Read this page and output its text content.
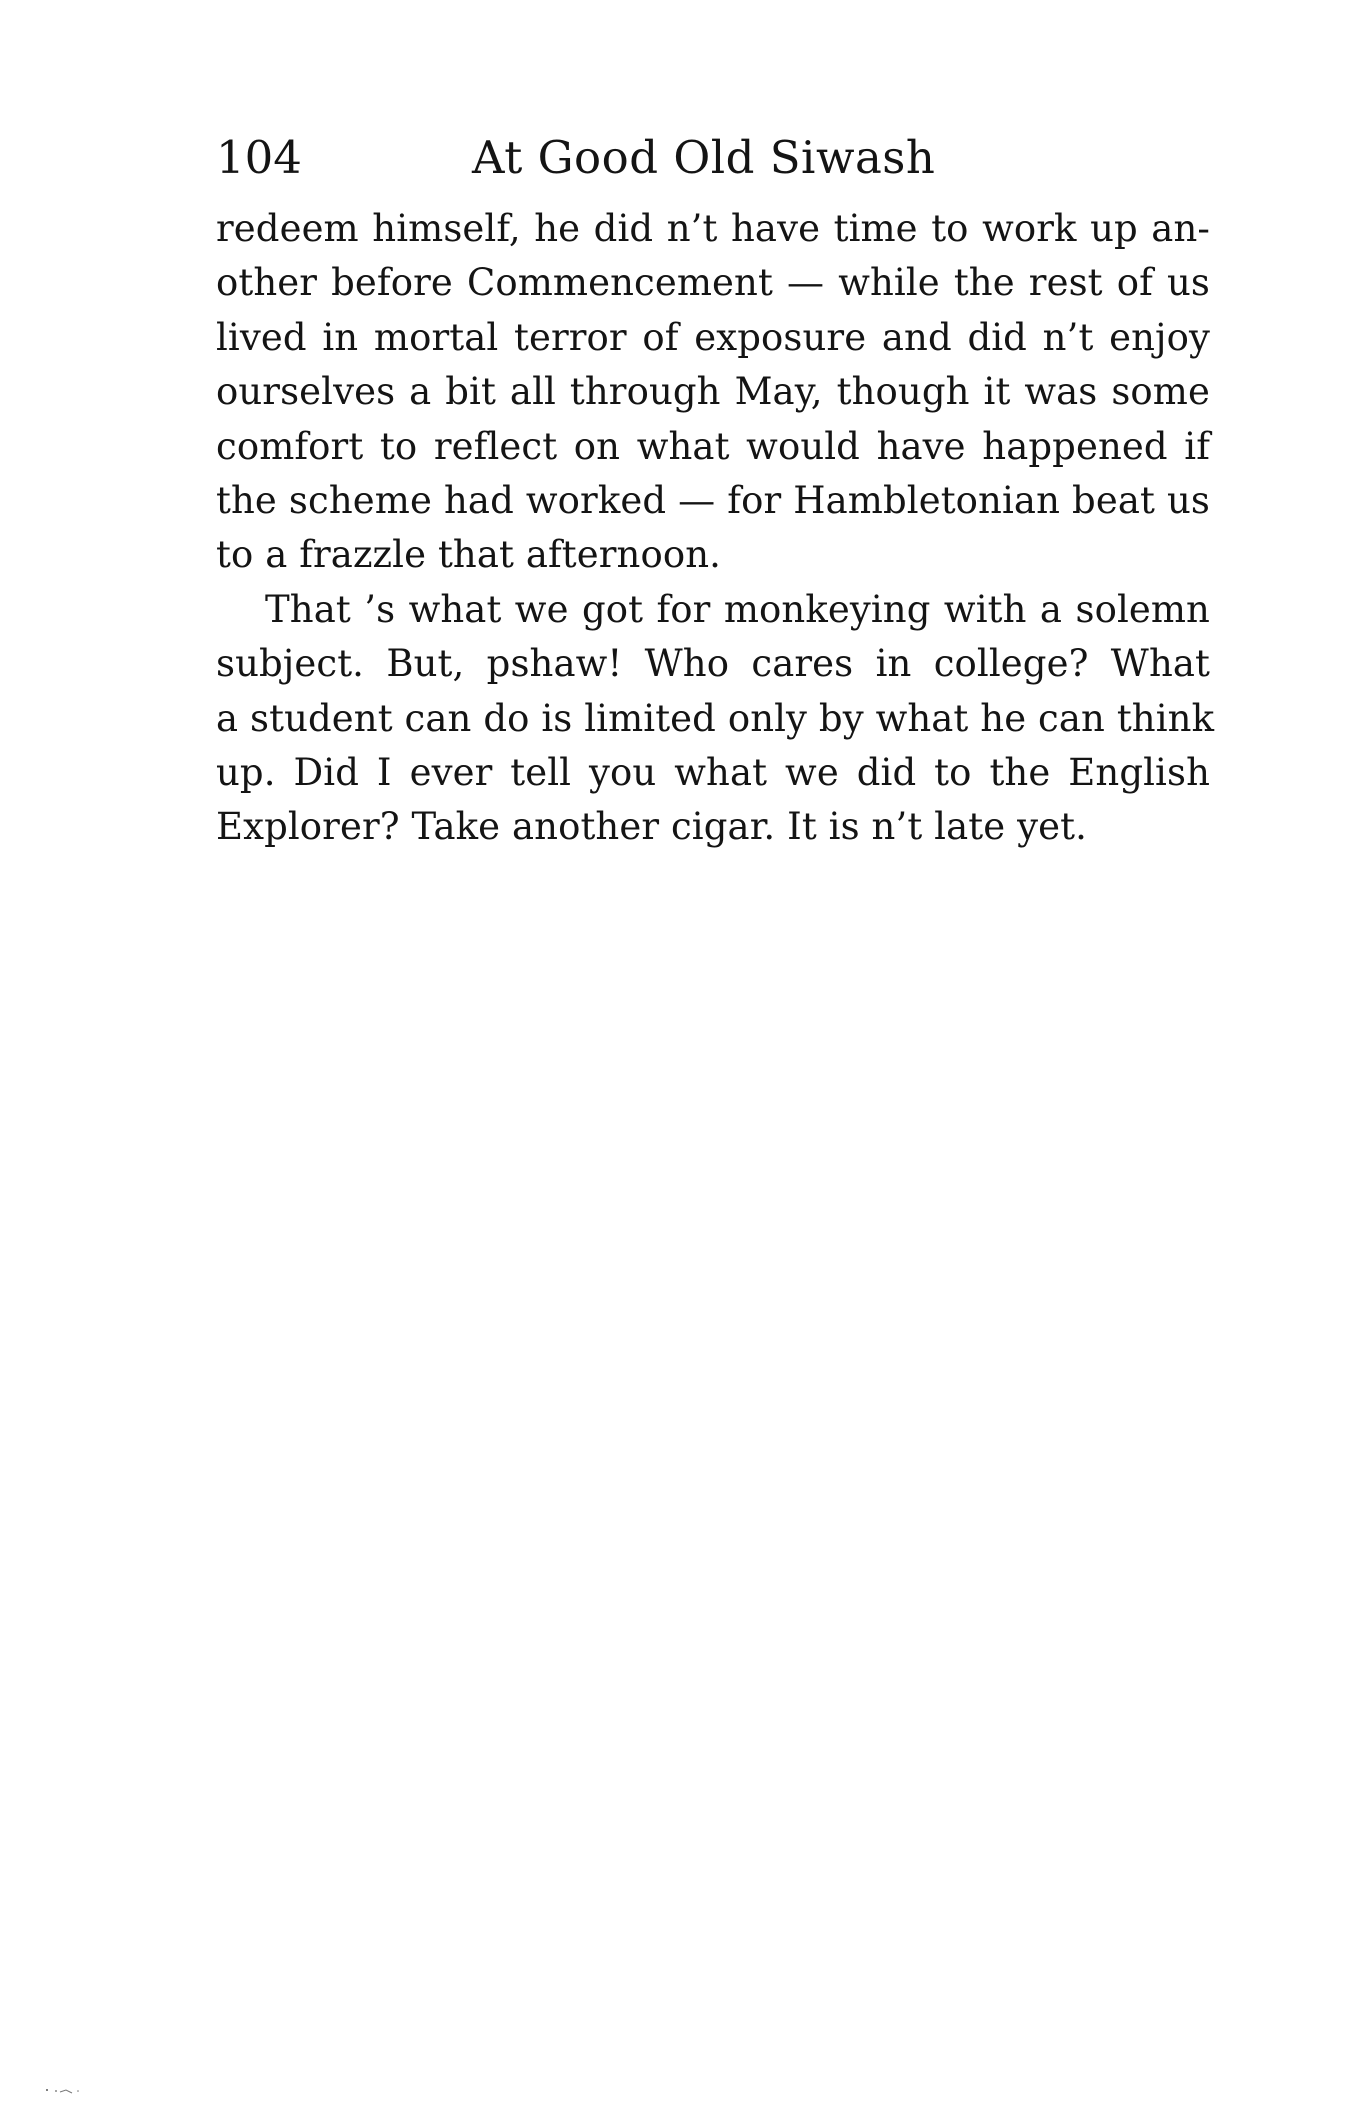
104	At Good Old Siwash
redeem himself, he did n’t have time to work up an-
other before Commencement — while the rest of us
lived in mortal terror of exposure and did n’t enjoy
ourselves a bit all through May, though it was some
comfort to reflect on what would have happened if
the scheme had worked — for Hambletonian beat us
to a frazzle that afternoon.
That ’s what we got for monkeying with a solemn
subject. But, pshaw! Who cares in college? What
a student can do is limited only by what he can think
up. Did I ever tell you what we did to the English
Explorer? Take another cigar. It is n’t late yet.
